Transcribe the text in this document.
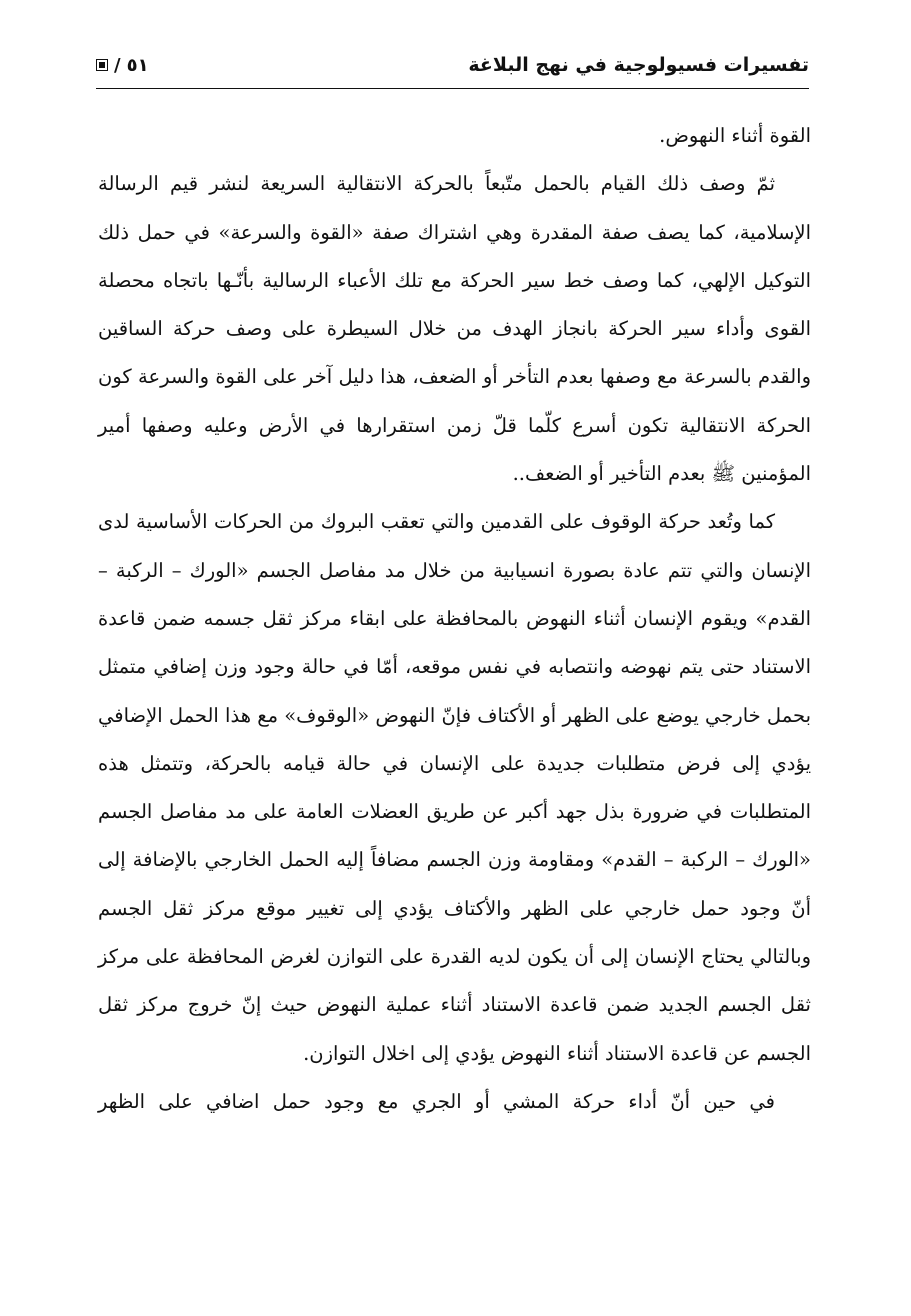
تفسيرات فسيولوجية في نهج البلاغة
/ ٥١

القوة أثناء النهوض.

ثمّ وصف ذلك القيام بالحمل متّبعاً بالحركة الانتقالية السريعة لنشر قيم الرسالة الإسلامية، كما يصف صفة المقدرة وهي اشتراك صفة «القوة والسرعة» في حمل ذلك التوكيل الإلهي، كما وصف خط سير الحركة مع تلك الأعباء الرسالية بأنّـها باتجاه محصلة القوى وأداء سير الحركة بانجاز الهدف من خلال السيطرة على وصف حركة الساقين والقدم بالسرعة مع وصفها بعدم التأخر أو الضعف، هذا دليل آخر على القوة والسرعة كون الحركة الانتقالية تكون أسرع كلّما قلّ زمن استقرارها في الأرض وعليه وصفها أمير المؤمنين ﷺ بعدم التأخير أو الضعف..

كما وتُعد حركة الوقوف على القدمين والتي تعقب البروك من الحركات الأساسية لدى الإنسان والتي تتم عادة بصورة انسيابية من خلال مد مفاصل الجسم «الورك – الركبة – القدم» ويقوم الإنسان أثناء النهوض بالمحافظة على ابقاء مركز ثقل جسمه ضمن قاعدة الاستناد حتى يتم نهوضه وانتصابه في نفس موقعه، أمّا في حالة وجود وزن إضافي متمثل بحمل خارجي يوضع على الظهر أو الأكتاف فإنّ النهوض «الوقوف» مع هذا الحمل الإضافي يؤدي إلى فرض متطلبات جديدة على الإنسان في حالة قيامه بالحركة، وتتمثل هذه المتطلبات في ضرورة بذل جهد أكبر عن طريق العضلات العامة على مد مفاصل الجسم «الورك – الركبة – القدم» ومقاومة وزن الجسم مضافاً إليه الحمل الخارجي بالإضافة إلى أنّ وجود حمل خارجي على الظهر والأكتاف يؤدي إلى تغيير موقع مركز ثقل الجسم وبالتالي يحتاج الإنسان إلى أن يكون لديه القدرة على التوازن لغرض المحافظة على مركز ثقل الجسم الجديد ضمن قاعدة الاستناد أثناء عملية النهوض حيث إنّ خروج مركز ثقل الجسم عن قاعدة الاستناد أثناء النهوض يؤدي إلى اخلال التوازن.

في حين أنّ أداء حركة المشي أو الجري مع وجود حمل اضافي على الظهر
